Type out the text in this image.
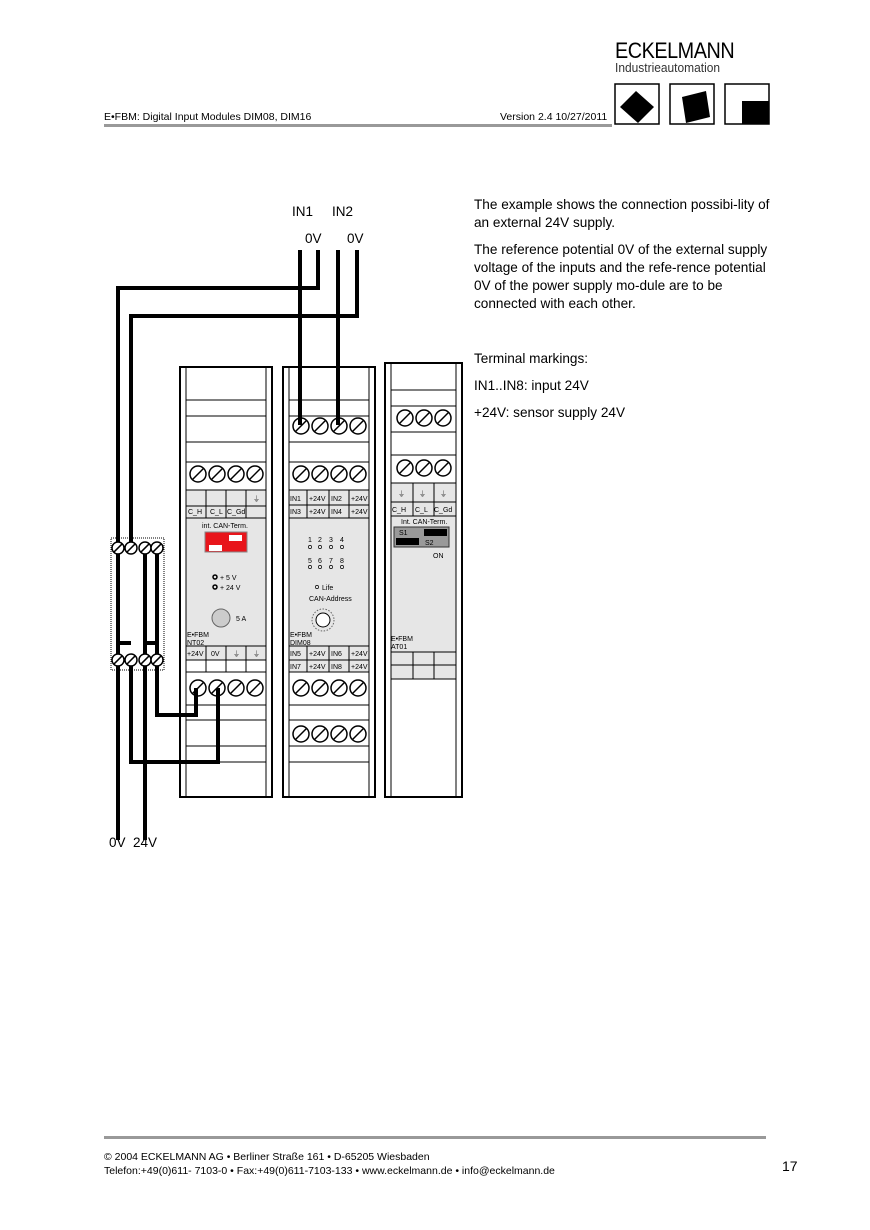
ECKELMANN
Industrieautomation
E•FBM: Digital Input Modules DIM08, DIM16	Version 2.4 10/27/2011
IN1 IN2
0V 0V
0V 24V
C_H C_L C_Gd
int. CAN-Term.
+ 5 V
+ 24 V
5 A
E•FBM
NT02
+24V 0V ⏚ ⏚
⏚	IN1 +24V IN2 +24V
IN3 +24V IN4 +24V
1 2 3 4
5 6 7 8
Life
CAN-Address
E•FBM
DIM08
IN5 +24V IN6 +24V
IN7 +24V IN8 +24V
⏚ ⏚ ⏚
C_H C_L C_Gd
Int. CAN-Term.
S1
S2
ON
E•FBM
AT01
The example shows the connection possibi-lity of an external 24V supply.
The reference potential 0V of the external supply voltage of the inputs and the refe-rence potential 0V of the power supply mo-dule are to be connected with each other.
Terminal markings:
IN1..IN8: input 24V
+24V: sensor supply 24V
© 2004 ECKELMANN AG • Berliner Straße 161 • D-65205 Wiesbaden
Telefon:+49(0)611- 7103-0 • Fax:+49(0)611-7103-133 • www.eckelmann.de • info@eckelmann.de	17
